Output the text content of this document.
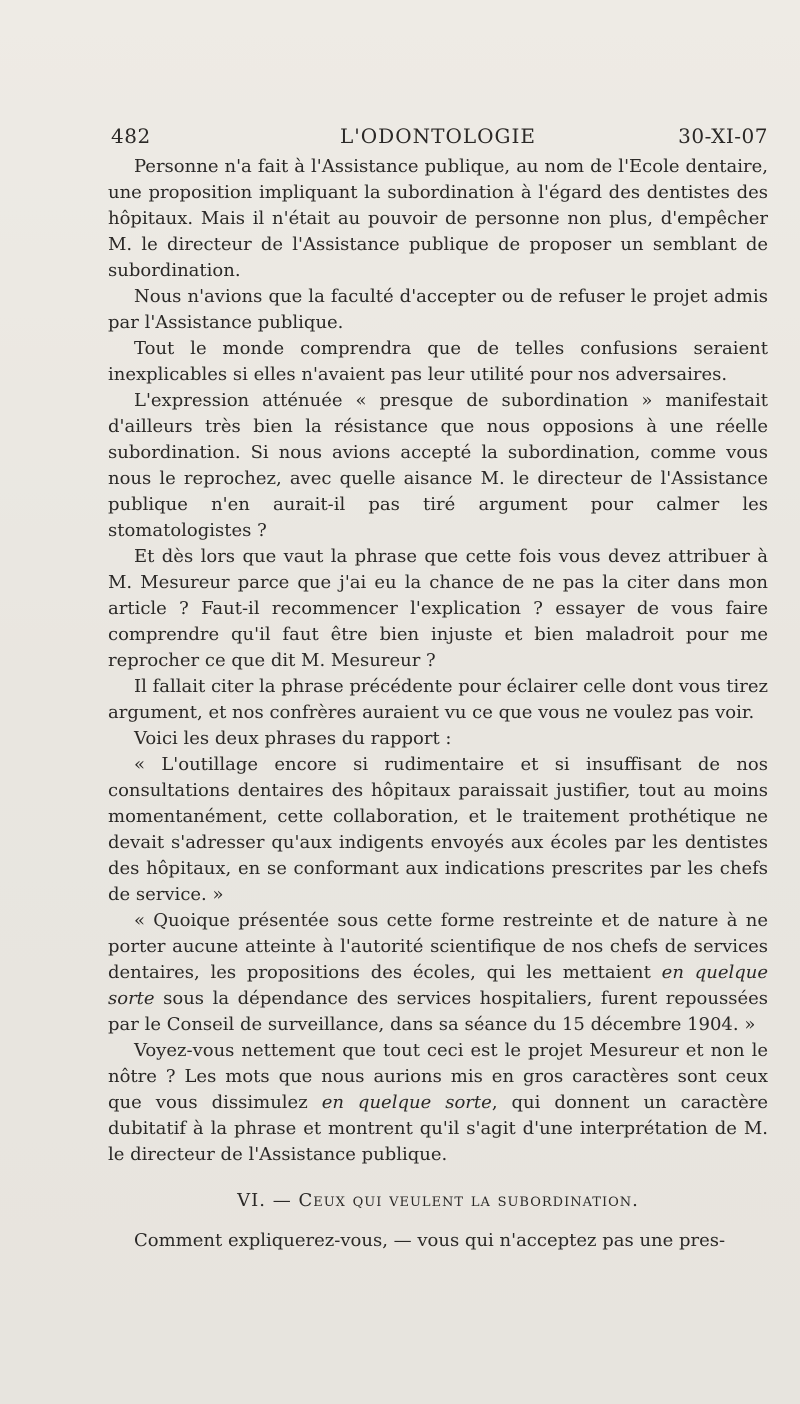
482	L'ODONTOLOGIE	30-XI-07

Personne n'a fait à l'Assistance publique, au nom de l'Ecole dentaire, une proposition impliquant la subordination à l'égard des dentistes des hôpitaux. Mais il n'était au pouvoir de personne non plus, d'empêcher M. le directeur de l'Assistance publique de proposer un semblant de subordination.

Nous n'avions que la faculté d'accepter ou de refuser le projet admis par l'Assistance publique.

Tout le monde comprendra que de telles confusions seraient inexplicables si elles n'avaient pas leur utilité pour nos adversaires.

L'expression atténuée « presque de subordination » manifestait d'ailleurs très bien la résistance que nous opposions à une réelle subordination. Si nous avions accepté la subordination, comme vous nous le reprochez, avec quelle aisance M. le directeur de l'Assistance publique n'en aurait-il pas tiré argument pour calmer les stomatologistes ?

Et dès lors que vaut la phrase que cette fois vous devez attribuer à M. Mesureur parce que j'ai eu la chance de ne pas la citer dans mon article ? Faut-il recommencer l'explication ? essayer de vous faire comprendre qu'il faut être bien injuste et bien maladroit pour me reprocher ce que dit M. Mesureur ?

Il fallait citer la phrase précédente pour éclairer celle dont vous tirez argument, et nos confrères auraient vu ce que vous ne voulez pas voir.

Voici les deux phrases du rapport :

« L'outillage encore si rudimentaire et si insuffisant de nos consultations dentaires des hôpitaux paraissait justifier, tout au moins momentanément, cette collaboration, et le traitement prothétique ne devait s'adresser qu'aux indigents envoyés aux écoles par les dentistes des hôpitaux, en se conformant aux indications prescrites par les chefs de service. »

« Quoique présentée sous cette forme restreinte et de nature à ne porter aucune atteinte à l'autorité scientifique de nos chefs de services dentaires, les propositions des écoles, qui les mettaient en quelque sorte sous la dépendance des services hospitaliers, furent repoussées par le Conseil de surveillance, dans sa séance du 15 décembre 1904. »

Voyez-vous nettement que tout ceci est le projet Mesureur et non le nôtre ? Les mots que nous aurions mis en gros caractères sont ceux que vous dissimulez en quelque sorte, qui donnent un caractère dubitatif à la phrase et montrent qu'il s'agit d'une interprétation de M. le directeur de l'Assistance publique.

VI. — Ceux qui veulent la subordination.

Comment expliquerez-vous, — vous qui n'acceptez pas une pres-
